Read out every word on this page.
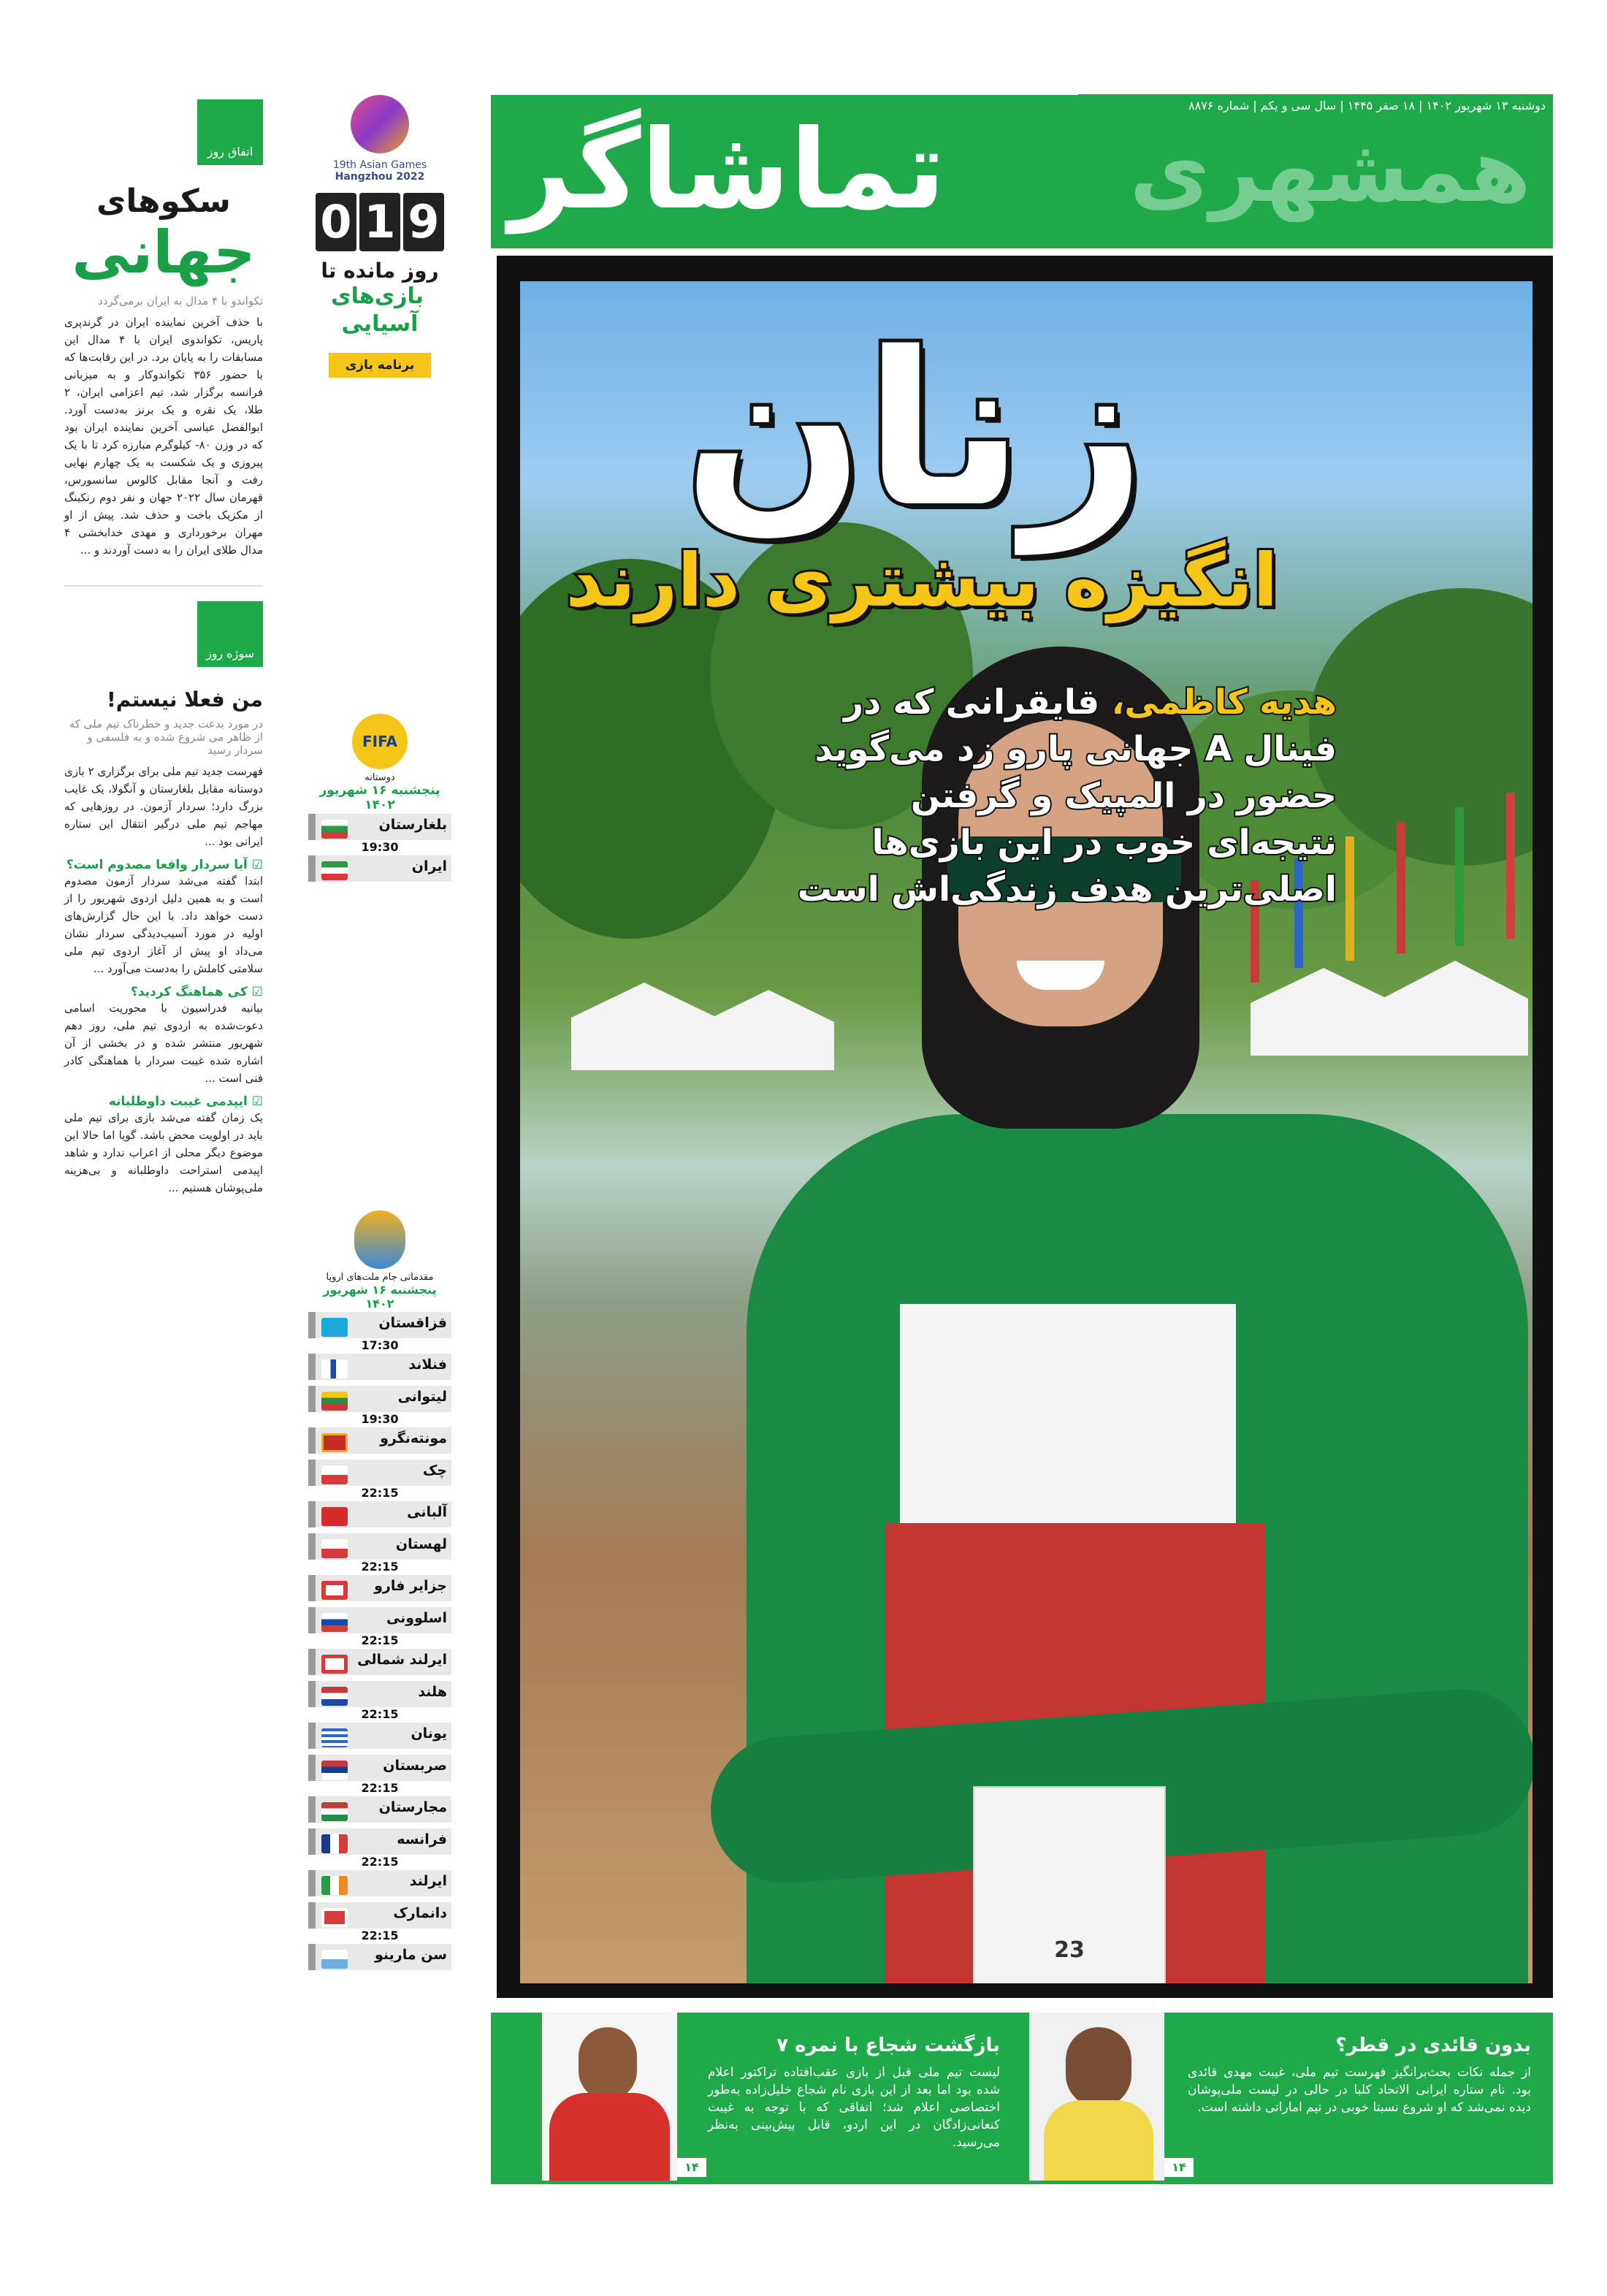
دوشنبه ۱۳ شهریور ۱۴۰۲ | ۱۸ صفر ۱۴۴۵ | سال سی و یکم | شماره ۸۸۷۶
تماشاگر همشهری
23
زنان
انگیزه بیشتری دارند
هدیه کاظمی، قایقرانی که در فینال A جهانی پارو زد می‌گوید حضور در المپیک و گرفتن نتیجه‌ای خوب در این بازی‌ها اصلی‌ترین هدف زندگی‌اش است
۱۴
بدون قائدی در قطر؟
از جمله نکات بحث‌برانگیز فهرست تیم ملی، غیبت مهدی قائدی بود. نام ستاره ایرانی الاتحاد کلبا در حالی در لیست ملی‌پوشان دیده نمی‌شد که او شروع نسبتا خوبی در تیم اماراتی داشته است.
۱۴
بازگشت شجاع با نمره ۷
لیست تیم ملی قبل از بازی عقب‌افتاده تراکتور اعلام شده بود اما بعد از این بازی نام شجاع خلیل‌زاده به‌طور اختصاصی اعلام شد؛ اتفاقی که با توجه به غیبت کنعانی‌زادگان در این اردو، قابل پیش‌بینی به‌نظر می‌رسید.
19th Asian Games
Hangzhou 2022
0 1 9
روز مانده تا
بازی‌های آسیایی
برنامه بازی
FIFA
دوستانه
پنجشنبه ۱۶ شهریور ۱۴۰۲
بلغارستان
19:30
ایران
مقدماتی جام ملت‌های اروپا
پنجشنبه ۱۶ شهریور ۱۴۰۲
قزاقستان
17:30
فنلاند
لیتوانی
19:30
مونته‌نگرو
چک
22:15
آلبانی
لهستان
22:15
جزایر فارو
اسلوونی
22:15
ایرلند شمالی
هلند
22:15
یونان
صربستان
22:15
مجارستان
فرانسه
22:15
ایرلند
دانمارک
22:15
سن مارینو
اتفاق روز
سکوهای
جهانی
تکواندو با ۴ مدال به ایران برمی‌گردد
با حذف آخرین نماینده ایران در گرندپری پاریس، تکواندوی ایران با ۴ مدال این مسابقات را به پایان برد. در این رقابت‌ها که با حضور ۳۵۶ تکواندوکار و به میزبانی فرانسه برگزار شد، تیم اعزامی ایران، ۲ طلا، یک نقره و یک برنز به‌دست آورد. ابوالفضل عباسی آخرین نماینده ایران بود که در وزن ۸۰- کیلوگرم مبارزه کرد تا با یک پیروزی و یک شکست به یک چهارم نهایی رفت و آنجا مقابل کالوس سانسورس، قهرمان سال ۲۰۲۲ جهان و نفر دوم رنکینگ از مکزیک باخت و حذف شد. پیش از او مهران برخورداری و مهدی خدابخشی ۴ مدال طلای ایران را به دست آوردند و ...
سوژه روز
من فعلا نیستم!
در مورد بدعت جدید و خطرناک تیم ملی که از ظاهر می شروع شده و به فلسفی و سردار رسید
فهرست جدید تیم ملی برای برگزاری ۲ بازی دوستانه مقابل بلغارستان و آنگولا، یک غایب بزرگ دارد؛ سردار آزمون. در روزهایی که مهاجم تیم ملی درگیر انتقال این ستاره ایرانی بود ...
☑ آیا سردار واقعا مصدوم است؟
ابتدا گفته می‌شد سردار آزمون مصدوم است و به همین دلیل اردوی شهریور را از دست خواهد داد. با این حال گزارش‌های اولیه در مورد آسیب‌دیدگی سردار نشان می‌داد او پیش از آغاز اردوی تیم ملی سلامتی کاملش را به‌دست می‌آورد ...
☑ کی هماهنگ کردید؟
بیانیه فدراسیون با محوریت اسامی دعوت‌شده به اردوی تیم ملی، روز دهم شهریور منتشر شده و در بخشی از آن اشاره شده غیبت سردار با هماهنگی کادر فنی است ...
☑ ایپدمی غیبت داوطلبانه
یک زمان گفته می‌شد بازی برای تیم ملی باید در اولویت محض باشد. گویا اما حالا این موضوع دیگر محلی از اعراب ندارد و شاهد اپیدمی استراحت داوطلبانه و بی‌هزینه ملی‌پوشان هستیم ...
